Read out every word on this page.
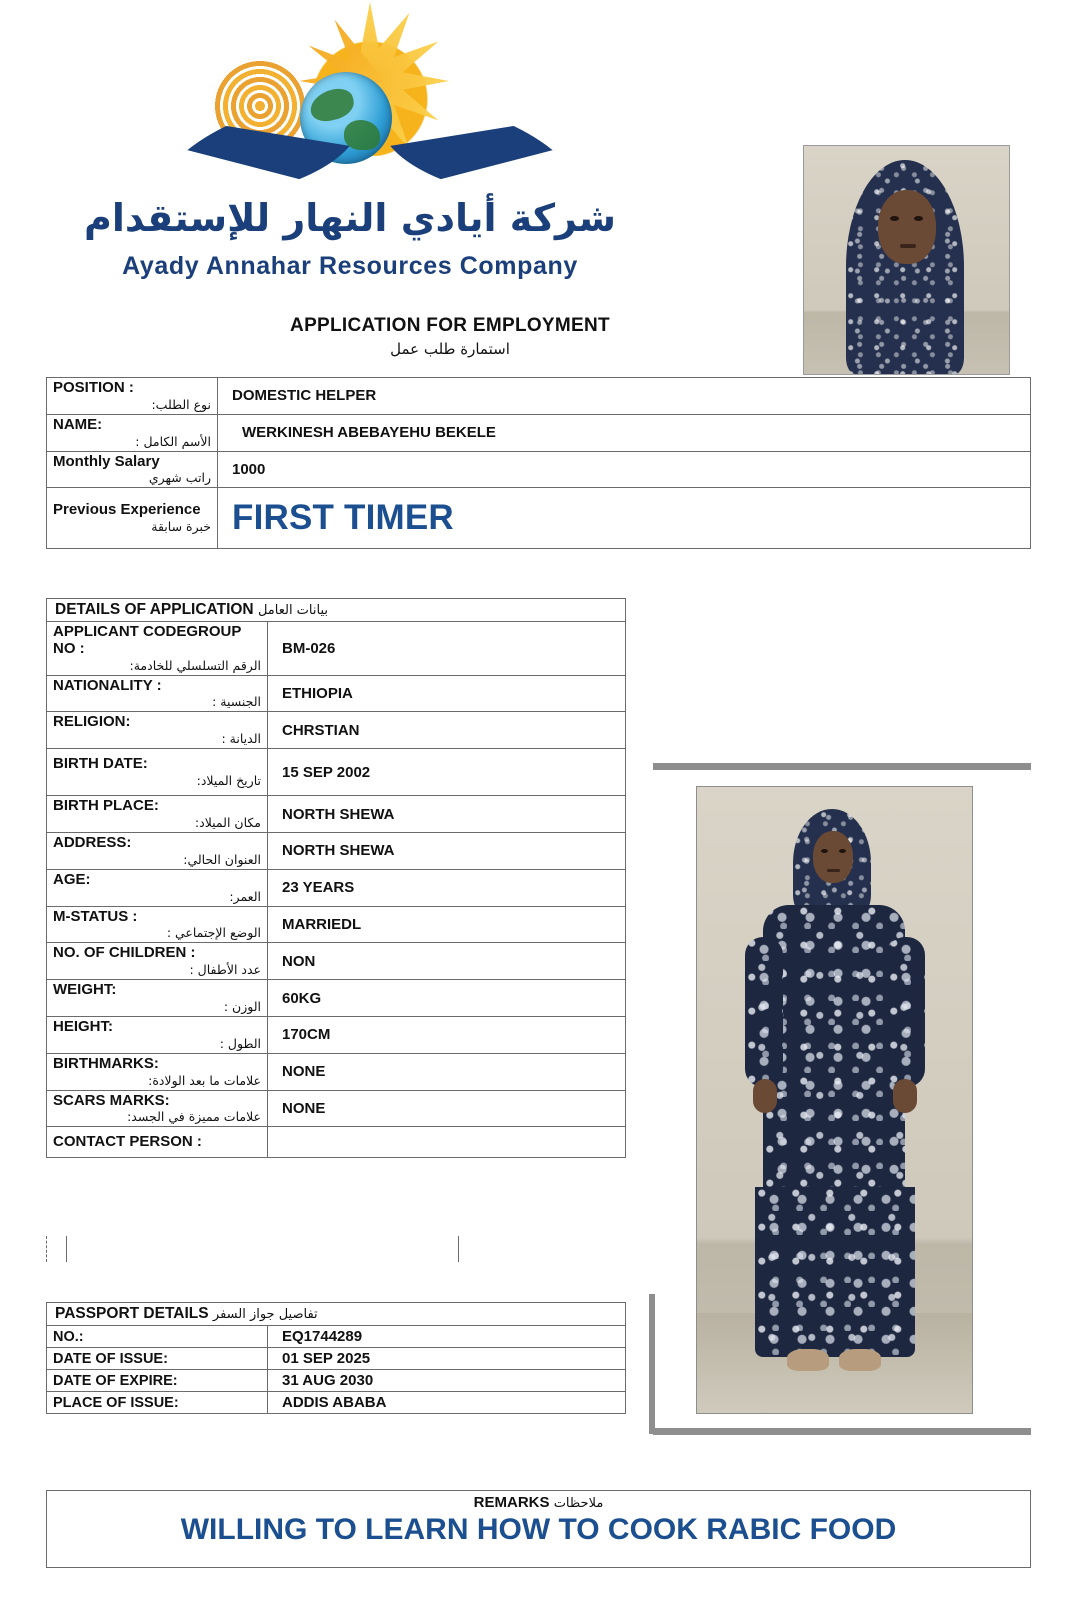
شركة أيادي النهار للإستقدام
Ayady Annahar Resources Company
APPLICATION FOR EMPLOYMENT
استمارة طلب عمل
POSITION :
نوع الطلب:	DOMESTIC HELPER

NAME:
الأسم الكامل :	WERKINESH ABEBAYEHU BEKELE

Monthly Salary
راتب شهري	1000

Previous Experience
خبرة سابقة	FIRST TIMER
DETAILS OF APPLICATION بيانات العامل
APPLICANT CODEGROUP NO :
الرقم التسلسلي للخادمة:	BM-026

NATIONALITY :
الجنسية :	ETHIOPIA

RELIGION:
الديانة :	CHRSTIAN

BIRTH DATE:
تاريخ الميلاد:	15 SEP 2002

BIRTH PLACE:
مكان الميلاد:	NORTH SHEWA

ADDRESS:
العنوان الحالي:	NORTH SHEWA

AGE:
العمر:	23 YEARS

M-STATUS :
الوضع الإجتماعي :	MARRIEDL

NO. OF CHILDREN :
عدد الأطفال :	NON

WEIGHT:
الوزن :	60KG

HEIGHT:
الطول :	170CM

BIRTHMARKS:
علامات ما بعد الولادة:	NONE

SCARS MARKS:
علامات مميزة في الجسد:	NONE

CONTACT PERSON :	

PASSPORT DETAILS تفاصيل جواز السفر
NO.:	EQ1744289
DATE OF ISSUE:	01 SEP 2025
DATE OF EXPIRE:	31 AUG 2030
PLACE OF ISSUE:	ADDIS ABABA
REMARKS ملاحظات
WILLING TO LEARN HOW TO COOK RABIC FOOD
